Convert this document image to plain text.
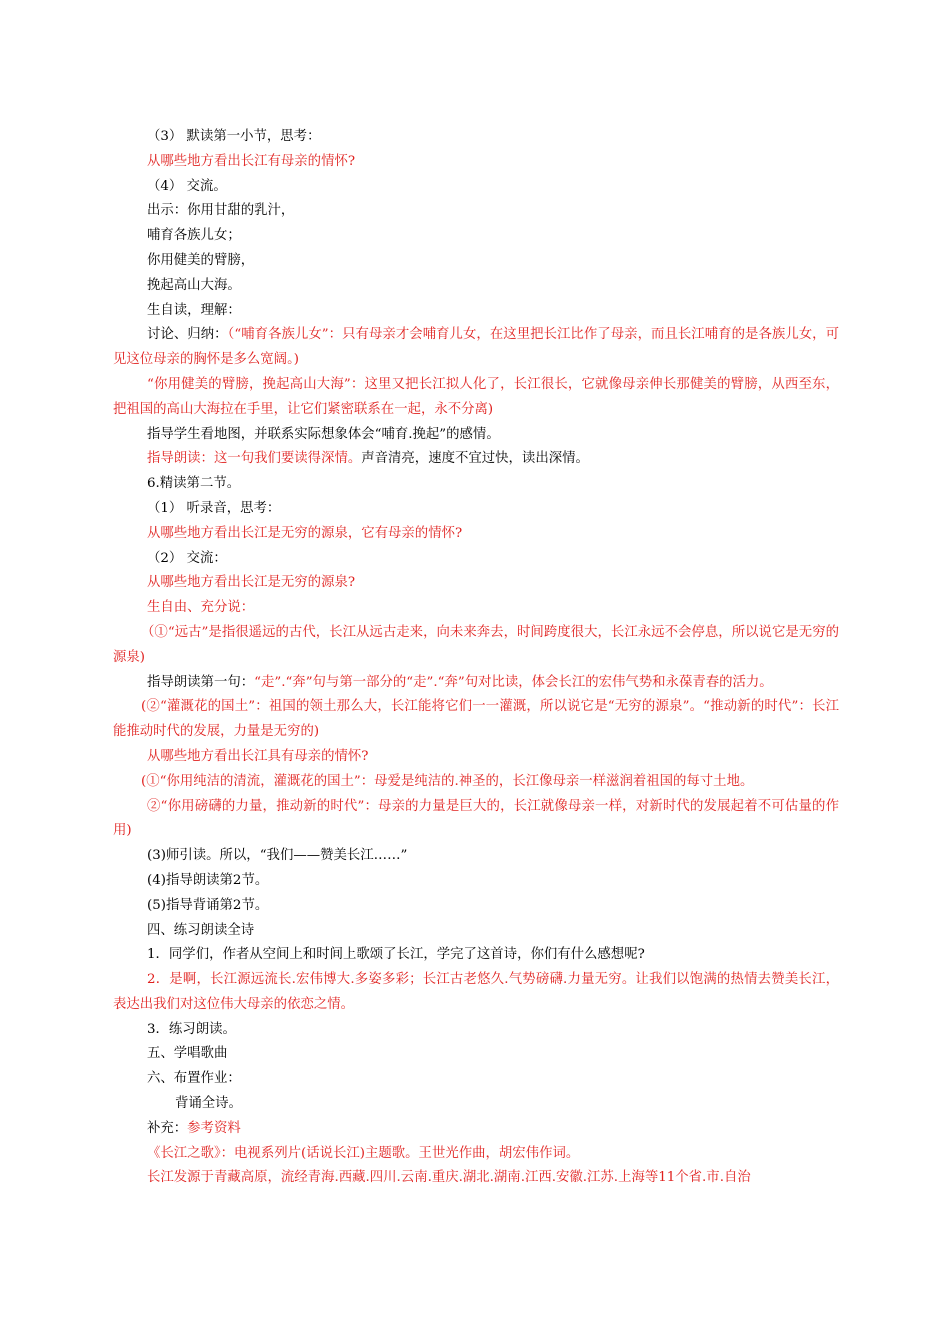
（3） 默读第一小节，思考：

从哪些地方看出长江有母亲的情怀?

（4） 交流。

出示：你用甘甜的乳汁，

哺育各族儿女；

你用健美的臂膀，

挽起高山大海。

生自读，理解：

讨论、归纳：（“哺育各族儿女”：只有母亲才会哺育儿女，在这里把长江比作了母亲，而且长江哺育的是各族儿女，可见这位母亲的胸怀是多么宽阔。)

“你用健美的臂膀，挽起高山大海”：这里又把长江拟人化了，长江很长，它就像母亲伸长那健美的臂膀，从西至东，把祖国的高山大海拉在手里，让它们紧密联系在一起，永不分离)

指导学生看地图，并联系实际想象体会“哺育.挽起”的感情。

指导朗读：这一句我们要读得深情。声音清亮，速度不宜过快，读出深情。

6.精读第二节。

（1） 听录音，思考：

从哪些地方看出长江是无穷的源泉，它有母亲的情怀?

（2） 交流：

从哪些地方看出长江是无穷的源泉?

生自由、充分说：

（①“远古”是指很遥远的古代，长江从远古走来，向未来奔去，时间跨度很大，长江永远不会停息，所以说它是无穷的源泉)

指导朗读第一句：“走”.“奔”句与第一部分的“走”.“奔”句对比读，体会长江的宏伟气势和永葆青春的活力。

(②“灌溉花的国土”：祖国的领土那么大，长江能将它们一一灌溉，所以说它是“无穷的源泉”。“推动新的时代”：长江能推动时代的发展，力量是无穷的)

从哪些地方看出长江具有母亲的情怀?

(①“你用纯洁的清流，灌溉花的国土”：母爱是纯洁的.神圣的，长江像母亲一样滋润着祖国的每寸土地。

②“你用磅礴的力量，推动新的时代”：母亲的力量是巨大的，长江就像母亲一样，对新时代的发展起着不可估量的作用)

(3)师引读。所以，“我们——赞美长江……”

(4)指导朗读第2节。

(5)指导背诵第2节。

四、练习朗读全诗

1．同学们，作者从空间上和时间上歌颂了长江，学完了这首诗，你们有什么感想呢?

2．是啊，长江源远流长.宏伟博大.多姿多彩；长江古老悠久.气势磅礴.力量无穷。让我们以饱满的热情去赞美长江，表达出我们对这位伟大母亲的依恋之情。

3．练习朗读。

五、学唱歌曲

六、布置作业：

背诵全诗。

补充：参考资料

《长江之歌》：电视系列片(话说长江)主题歌。王世光作曲，胡宏伟作词。

长江发源于青藏高原，流经青海.西藏.四川.云南.重庆.湖北.湖南.江西.安徽.江苏.上海等11个省.市.自治
